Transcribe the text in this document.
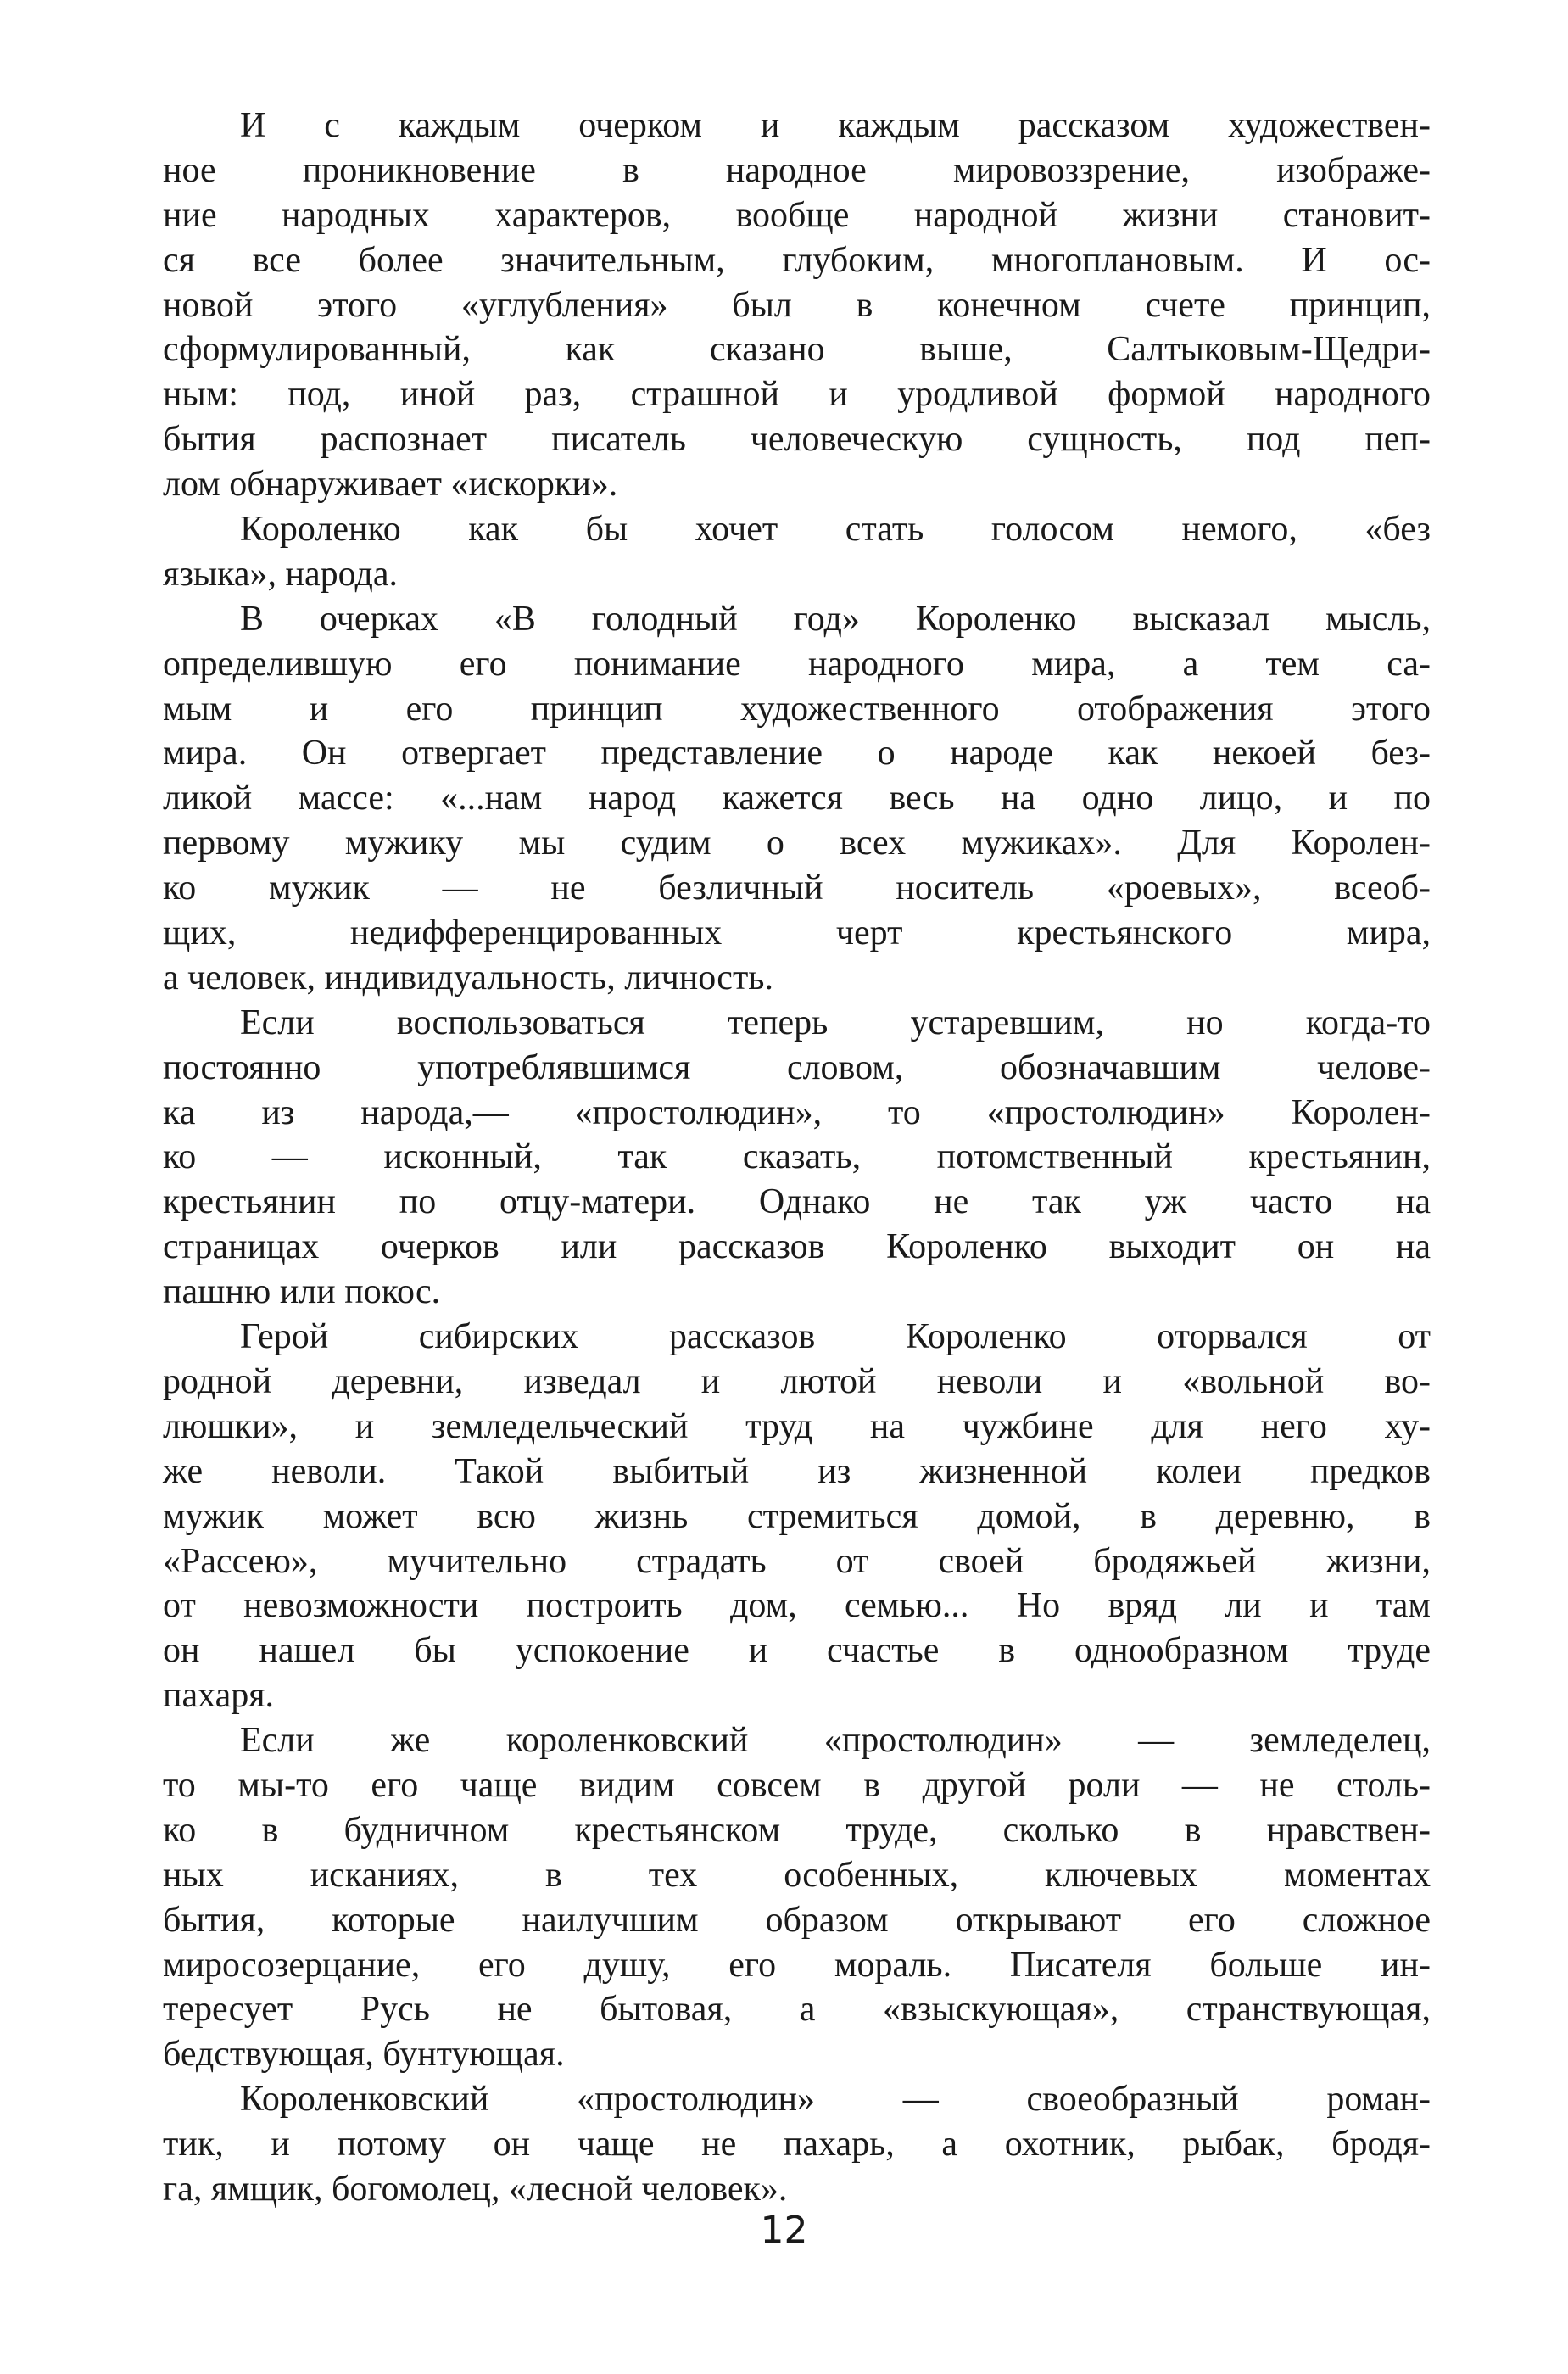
И с каждым очерком и каждым рассказом художествен-
ное проникновение в народное мировоззрение, изображе-
ние народных характеров, вообще народной жизни становит-
ся все более значительным, глубоким, многоплановым. И ос-
новой этого «углубления» был в конечном счете принцип,
сформулированный, как сказано выше, Салтыковым-Щедри-
ным: под, иной раз, страшной и уродливой формой народного
бытия распознает писатель человеческую сущность, под пеп-
лом обнаруживает «искорки».
Короленко как бы хочет стать голосом немого, «без
языка», народа.
В очерках «В голодный год» Короленко высказал мысль,
определившую его понимание народного мира, а тем са-
мым и его принцип художественного отображения этого
мира. Он отвергает представление о народе как некоей без-
ликой массе: «...нам народ кажется весь на одно лицо, и по
первому мужику мы судим о всех мужиках». Для Королен-
ко мужик — не безличный носитель «роевых», всеоб-
щих, недифференцированных черт крестьянского мира,
а человек, индивидуальность, личность.
Если воспользоваться теперь устаревшим, но когда-то
постоянно употреблявшимся словом, обозначавшим челове-
ка из народа,— «простолюдин», то «простолюдин» Королен-
ко — исконный, так сказать, потомственный крестьянин,
крестьянин по отцу-матери. Однако не так уж часто на
страницах очерков или рассказов Короленко выходит он на
пашню или покос.
Герой сибирских рассказов Короленко оторвался от
родной деревни, изведал и лютой неволи и «вольной во-
люшки», и земледельческий труд на чужбине для него ху-
же неволи. Такой выбитый из жизненной колеи предков
мужик может всю жизнь стремиться домой, в деревню, в
«Рассею», мучительно страдать от своей бродяжьей жизни,
от невозможности построить дом, семью... Но вряд ли и там
он нашел бы успокоение и счастье в однообразном труде
пахаря.
Если же короленковский «простолюдин» — земледелец,
то мы-то его чаще видим совсем в другой роли — не столь-
ко в будничном крестьянском труде, сколько в нравствен-
ных исканиях, в тех особенных, ключевых моментах
бытия, которые наилучшим образом открывают его сложное
миросозерцание, его душу, его мораль. Писателя больше ин-
тересует Русь не бытовая, а «взыскующая», странствующая,
бедствующая, бунтующая.
Короленковский «простолюдин» — своеобразный роман-
тик, и потому он чаще не пахарь, а охотник, рыбак, бродя-
га, ямщик, богомолец, «лесной человек».
12
